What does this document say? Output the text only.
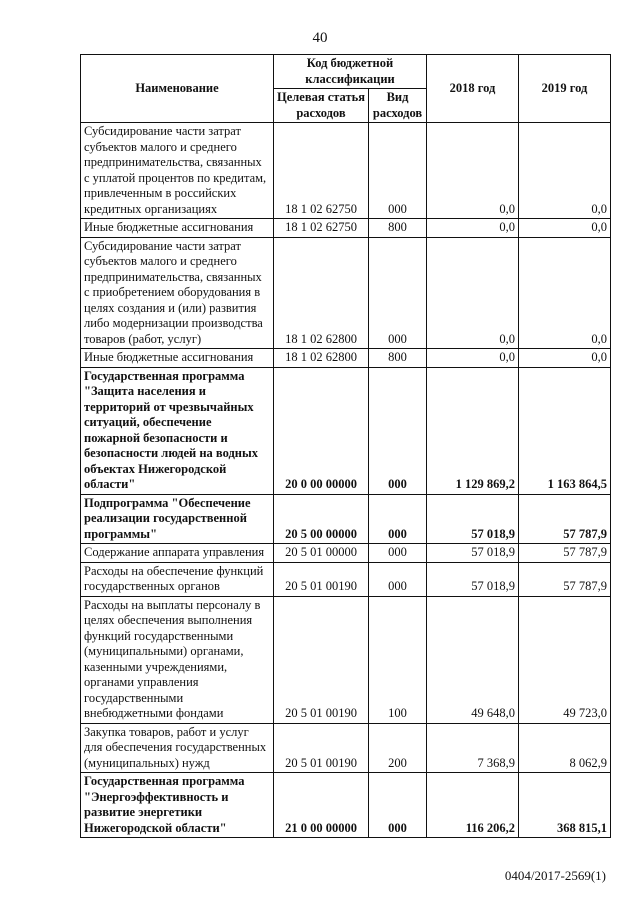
40
Наименование	Код бюджетной классификации		2018 год	2019 год
	Целевая статья расходов	Вид расходов		
Субсидирование части затрат субъектов малого и среднего предпринимательства, связанных с уплатой процентов по кредитам, привлеченным в российских кредитных организациях	18 1 02 62750	000	0,0	0,0
Иные бюджетные ассигнования	18 1 02 62750	800	0,0	0,0
Субсидирование части затрат субъектов малого и среднего предпринимательства, связанных с приобретением оборудования в целях создания и (или) развития либо модернизации производства товаров (работ, услуг)	18 1 02 62800	000	0,0	0,0
Иные бюджетные ассигнования	18 1 02 62800	800	0,0	0,0
Государственная программа "Защита населения и территорий от чрезвычайных ситуаций, обеспечение пожарной безопасности и безопасности людей на водных объектах Нижегородской области"	20 0 00 00000	000	1 129 869,2	1 163 864,5
Подпрограмма "Обеспечение реализации государственной программы"	20 5 00 00000	000	57 018,9	57 787,9
Содержание аппарата управления	20 5 01 00000	000	57 018,9	57 787,9
Расходы на обеспечение функций государственных органов	20 5 01 00190	000	57 018,9	57 787,9
Расходы на выплаты персоналу в целях обеспечения выполнения функций государственными (муниципальными) органами, казенными учреждениями, органами управления государственными внебюджетными фондами	20 5 01 00190	100	49 648,0	49 723,0
Закупка товаров, работ и услуг для обеспечения государственных (муниципальных) нужд	20 5 01 00190	200	7 368,9	8 062,9
Государственная программа "Энергоэффективность и развитие энергетики Нижегородской области"	21 0 00 00000	000	116 206,2	368 815,1
0404/2017-2569(1)
